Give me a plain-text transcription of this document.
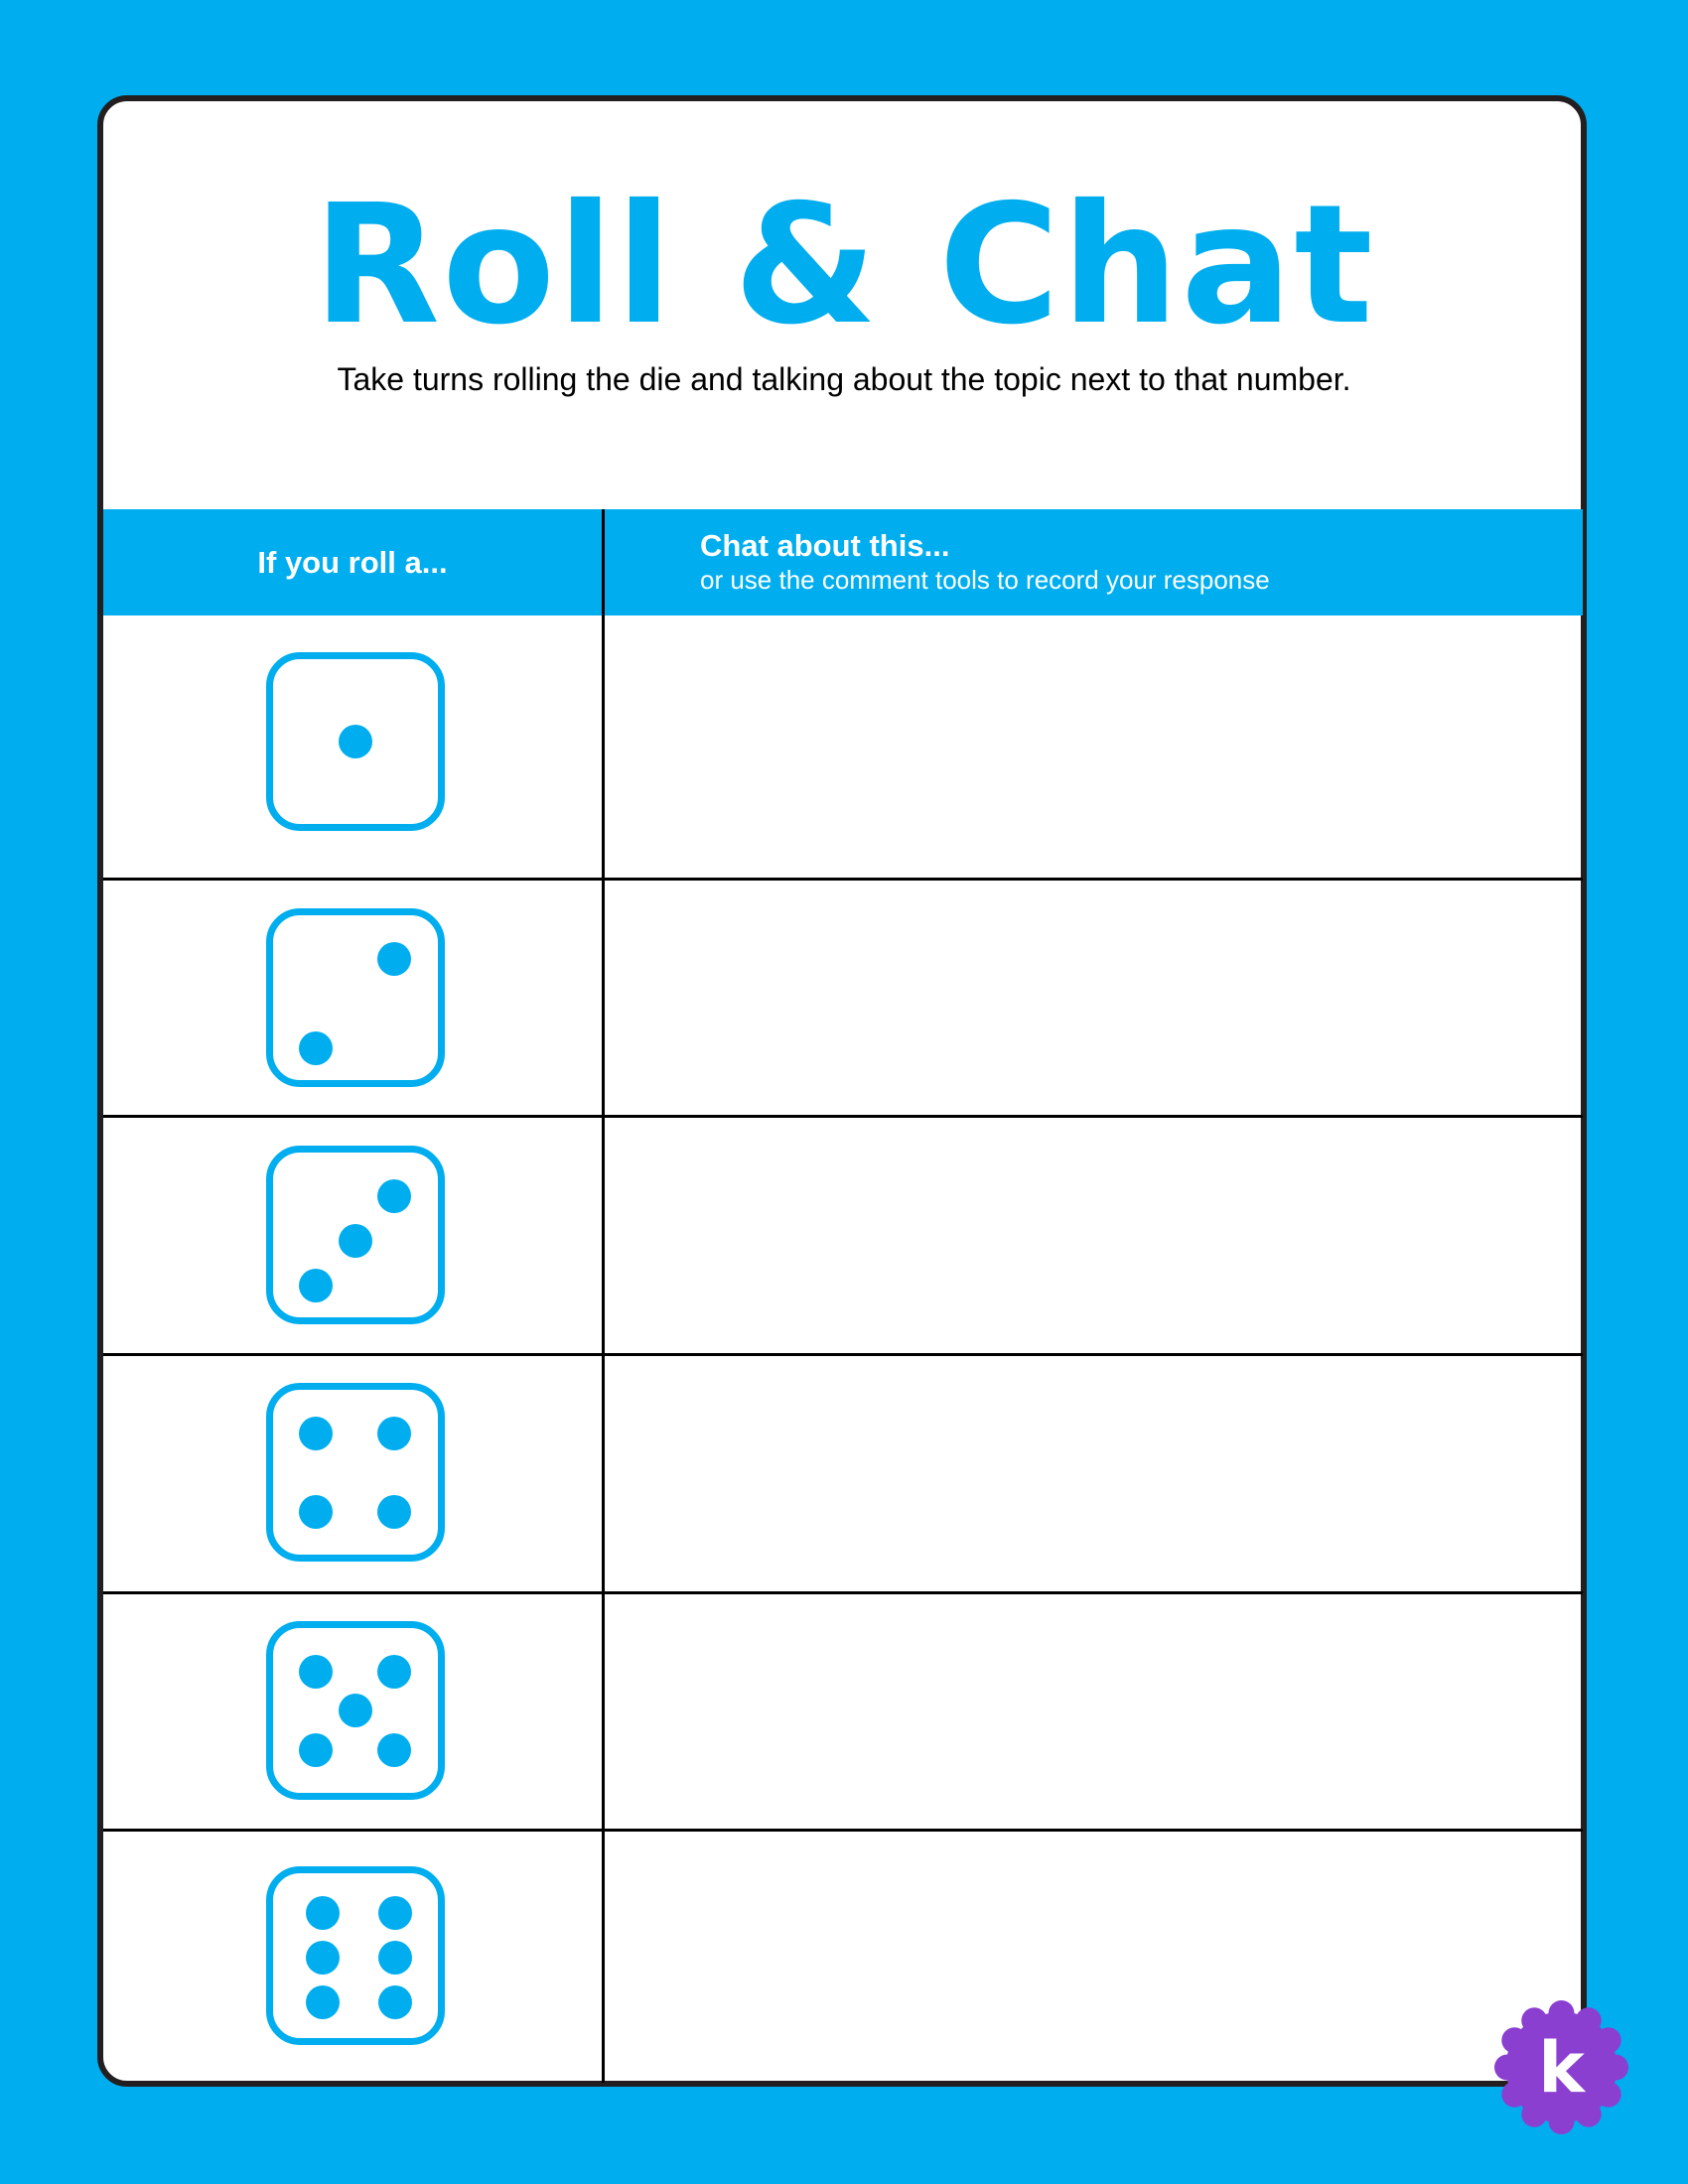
Roll & Chat
Take turns rolling the die and talking about the topic next to that number.
If you roll a...	Chat about this...
or use the comment tools to record your response
k
